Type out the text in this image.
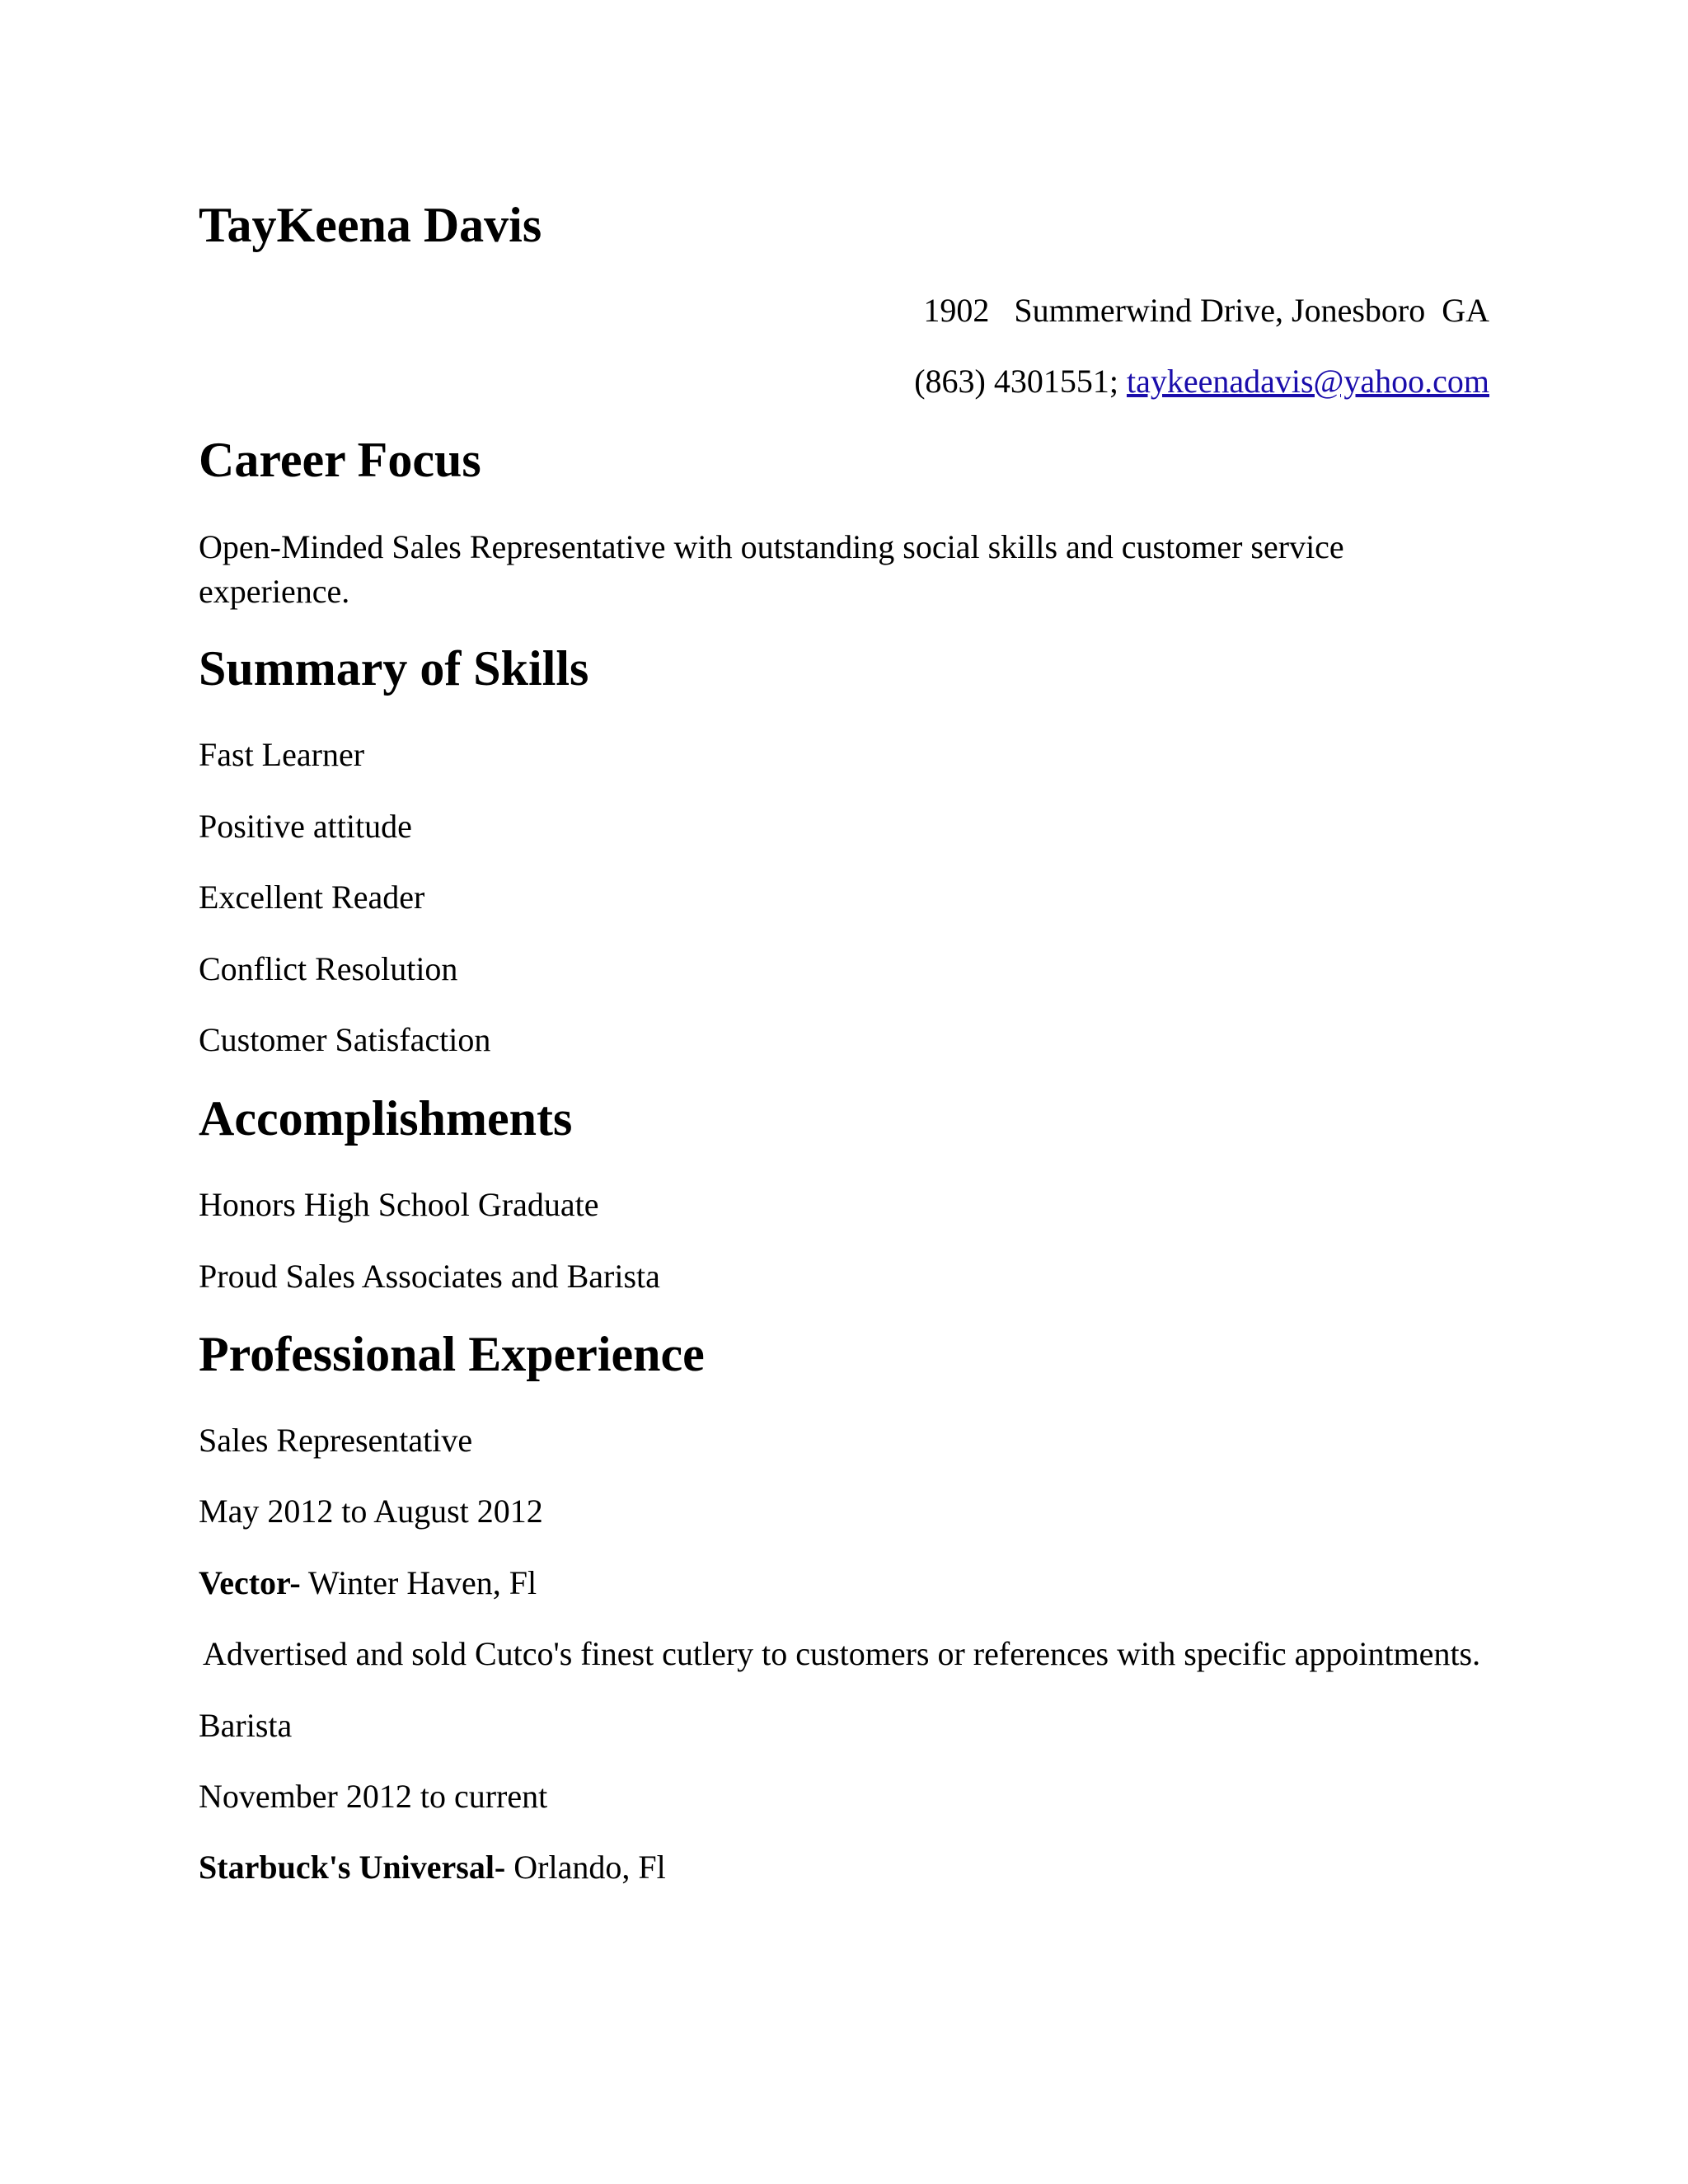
TayKeena Davis
1902   Summerwind Drive, Jonesboro  GA
(863) 4301551; taykeenadavis@yahoo.com
Career Focus

Open-Minded Sales Representative with outstanding social skills and customer service experience.

Summary of Skills
Fast Learner
Positive attitude
Excellent Reader
Conflict Resolution
Customer Satisfaction
Accomplishments
Honors High School Graduate
Proud Sales Associates and Barista
Professional Experience
Sales Representative
May 2012 to August 2012
Vector- Winter Haven, Fl
Advertised and sold Cutco's finest cutlery to customers or references with specific appointments.
Barista
November 2012 to current
Starbuck's Universal- Orlando, Fl
